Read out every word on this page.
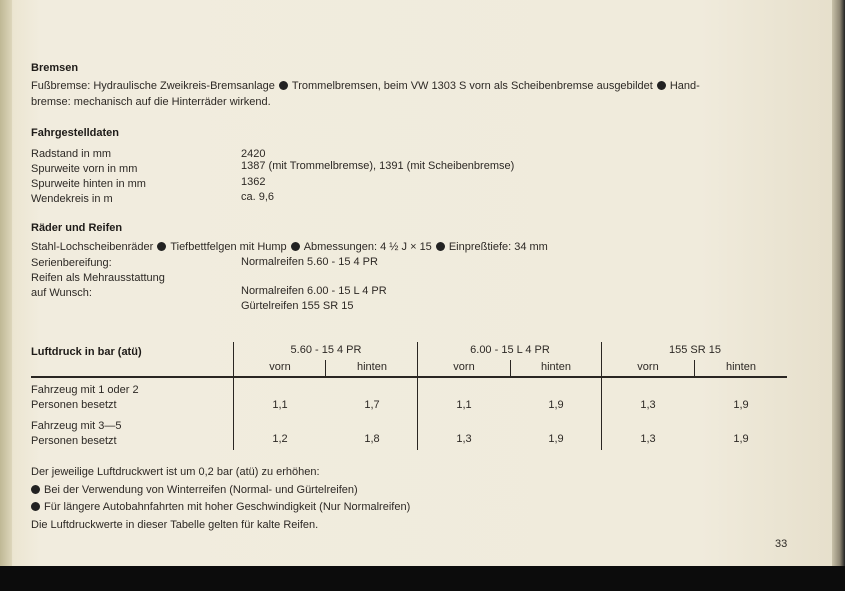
Bremsen
Fußbremse: Hydraulische Zweikreis-Bremsanlage Trommelbremsen, beim VW 1303 S vorn als Scheibenbremse ausgebildet Hand-
bremse: mechanisch auf die Hinterräder wirkend.
Fahrgestelldaten
Radstand in mm	2420
Spurweite vorn in mm	1387 (mit Trommelbremse), 1391 (mit Scheibenbremse)
Spurweite hinten in mm	1362
Wendekreis in m	ca. 9,6
Räder und Reifen
Stahl-Lochscheibenräder Tiefbettfelgen mit Hump Abmessungen: 4 ½ J × 15 Einpreßtiefe: 34 mm
Serienbereifung:	Normalreifen 5.60 - 15 4 PR
Reifen als Mehrausstattung
auf Wunsch:	Normalreifen 6.00 - 15 L 4 PR
Gürtelreifen 155 SR 15
Luftdruck in bar (atü)	5.60 - 15 4 PR	6.00 - 15 L 4 PR	155 SR 15
vorn	hinten	vorn	hinten	vorn	hinten
Fahrzeug mit 1 oder 2
Personen besetzt	1,1	1,7	1,1	1,9	1,3	1,9
Fahrzeug mit 3—5
Personen besetzt	1,2	1,8	1,3	1,9	1,3	1,9
Der jeweilige Luftdruckwert ist um 0,2 bar (atü) zu erhöhen:
Bei der Verwendung von Winterreifen (Normal- und Gürtelreifen)
Für längere Autobahnfahrten mit hoher Geschwindigkeit (Nur Normalreifen)
Die Luftdruckwerte in dieser Tabelle gelten für kalte Reifen.
33
